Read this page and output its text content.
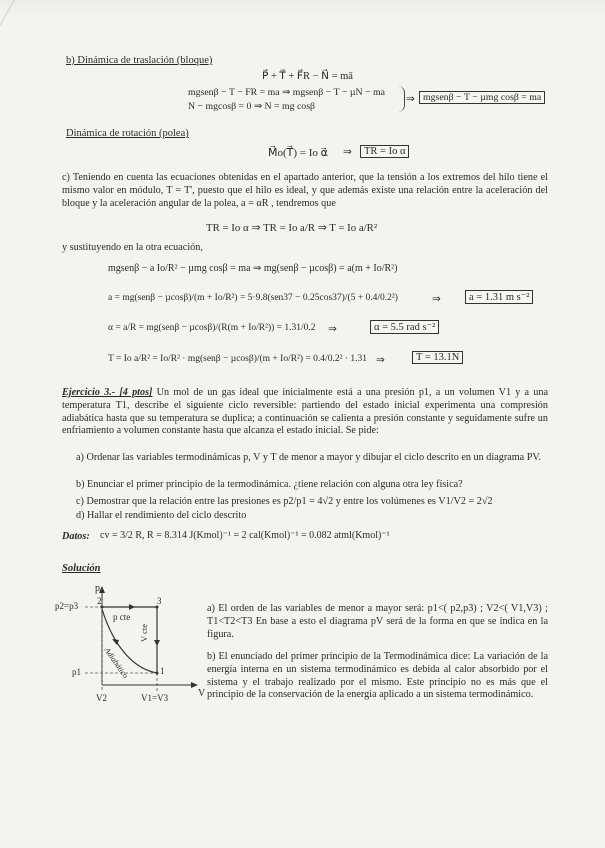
b) Dinámica de traslación (bloque)
P⃗ + T⃗ + F⃗R − N⃗ = mā
mgsenβ − T − FR = ma ⇒ mgsenβ − T − µN − ma
N − mgcosβ = 0 ⇒ N = mg cosβ
⇒ mgsenβ − T − µmg cosβ = ma
Dinámica de rotación (polea)
M⃗o(T⃗) = Io α⃗ ⇒	TR = Io α
c) Teniendo en cuenta las ecuaciones obtenidas en el apartado anterior, que la tensión a los extremos del hilo tiene el mismo valor en módulo, T = T', puesto que el hilo es ideal, y que además existe una relación entre la aceleración del bloque y la aceleración angular de la polea, a = αR , tendremos que
TR = Io α ⇒ TR = Io a/R ⇒ T = Io a/R²
y sustituyendo en la otra ecuación,
mgsenβ − a Io/R² − µmg cosβ = ma ⇒ mg(senβ − µcosβ) = a(m + Io/R²)
a = mg(senβ − µcosβ)/(m + Io/R²) = 5·9.8(sen37 − 0.25cos37)/(5 + 0.4/0.2²)	⇒	a = 1.31 m s⁻²
α = a/R = mg(senβ − µcosβ)/(R(m + Io/R²)) = 1.31/0.2 ⇒	α = 5.5 rad s⁻²
T = Io a/R² = Io/R² · mg(senβ − µcosβ)/(m + Io/R²) = 0.4/0.2² · 1.31 ⇒	T = 13.1N
Ejercicio 3.- [4 ptos] Un mol de un gas ideal que inicialmente está a una presión p1, a un volumen V1 y a una temperatura T1, describe el siguiente ciclo reversible: partiendo del estado inicial experimenta una compresión adiabática hasta que su temperatura se duplica; a continuación se calienta a presión constante y seguidamente sufre un enfriamiento a volumen constante hasta que alcanza el estado inicial. Se pide:
a) Ordenar las variables termodinámicas p, V y T de menor a mayor y dibujar el ciclo descrito en un diagrama PV.
b) Enunciar el primer principio de la termodinámica. ¿tiene relación con alguna otra ley física?
c) Demostrar que la relación entre las presiones es p2/p1 = 4√2 y entre los volúmenes es V1/V2 = 2√2
d) Hallar el rendimiento del ciclo descrito
Datos: cv = 3/2 R, R = 8.314 J(Kmol)⁻¹ = 2 cal(Kmol)⁻¹ = 0.082 atml(Kmol)⁻¹
Solución
p
V
p2=p3
p1
V2	V1=V3
p cte
V cte
Adiabático	1
2	3
a) El orden de las variables de menor a mayor será: p1<( p2,p3) ; V2<( V1,V3) ; T1<T2<T3 En base a esto el diagrama pV será de la forma en que se indica en la figura.
b) El enunciado del primer principio de la Termodinámica dice: La variación de la energía interna en un sistema termodinámico es debida al calor absorbido por el sistema y el trabajo realizado por el mismo. Este principio no es más que el principio de la conservación de la energía aplicado a un sistema termodinámico.
